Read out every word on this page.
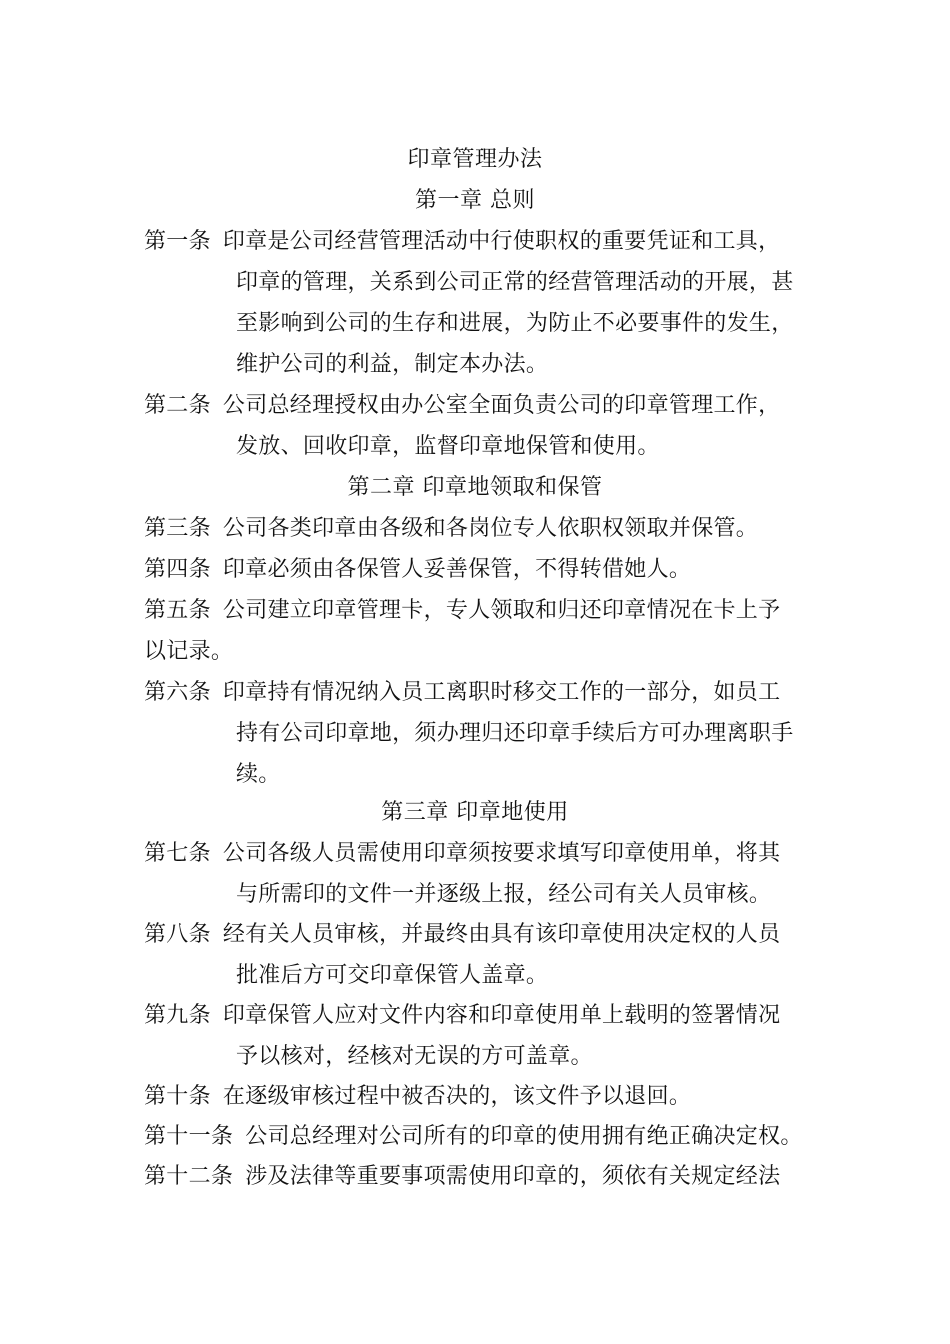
印章管理办法
第一章 总则
第一条 印章是公司经营管理活动中行使职权的重要凭证和工具，
印章的管理，关系到公司正常的经营管理活动的开展，甚
至影响到公司的生存和进展，为防止不必要事件的发生，
维护公司的利益，制定本办法。
第二条 公司总经理授权由办公室全面负责公司的印章管理工作，
发放、回收印章，监督印章地保管和使用。
第二章 印章地领取和保管
第三条 公司各类印章由各级和各岗位专人依职权领取并保管。
第四条 印章必须由各保管人妥善保管，不得转借她人。
第五条 公司建立印章管理卡，专人领取和归还印章情况在卡上予
以记录。
第六条 印章持有情况纳入员工离职时移交工作的一部分，如员工
持有公司印章地，须办理归还印章手续后方可办理离职手
续。
第三章 印章地使用
第七条 公司各级人员需使用印章须按要求填写印章使用单，将其
与所需印的文件一并逐级上报，经公司有关人员审核。
第八条 经有关人员审核，并最终由具有该印章使用决定权的人员
批准后方可交印章保管人盖章。
第九条 印章保管人应对文件内容和印章使用单上载明的签署情况
予以核对，经核对无误的方可盖章。
第十条 在逐级审核过程中被否决的，该文件予以退回。
第十一条 公司总经理对公司所有的印章的使用拥有绝正确决定权。
第十二条 涉及法律等重要事项需使用印章的，须依有关规定经法
